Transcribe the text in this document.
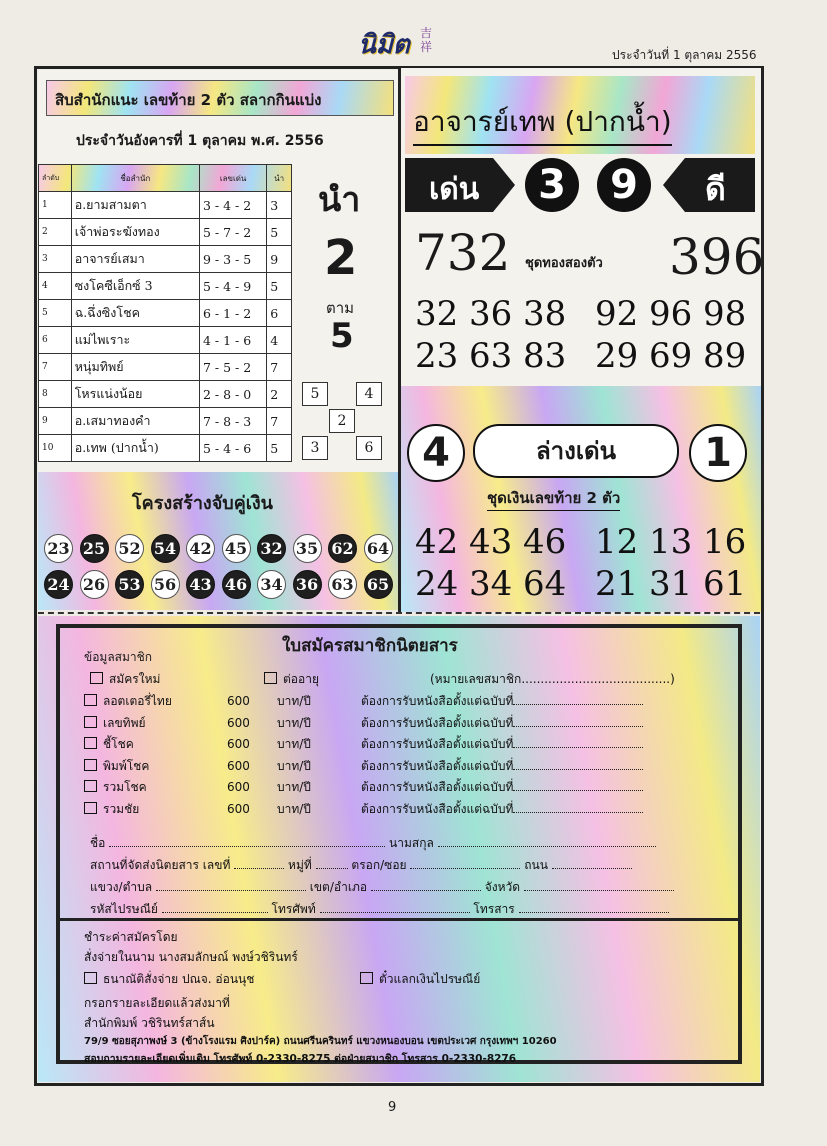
นิมิต 吉祥
ประจำวันที่ 1 ตุลาคม 2556
สิบสำนักแนะ เลขท้าย 2 ตัว สลากกินแบ่ง
ประจำวันอังคารที่ 1 ตุลาคม พ.ศ. 2556
ลำดับ	ชื่อสำนัก	เลขเด่น	นำ
1	อ.ยามสามตา	3 - 4 - 2	3
2	เจ้าพ่อระฆังทอง	5 - 7 - 2	5
3	อาจารย์เสมา	9 - 3 - 5	9
4	ซงโคซีเอ็กซ์ 3	5 - 4 - 9	5
5	ฉ.ฉึ่งซิงโชค	6 - 1 - 2	6
6	แม่ไพเราะ	4 - 1 - 6	4
7	หนุ่มทิพย์	7 - 5 - 2	7
8	โหรแน่งน้อย	2 - 8 - 0	2
9	อ.เสมาทองคำ	7 - 8 - 3	7
10	อ.เทพ (ปากน้ำ)	5 - 4 - 6	5
นำ
2
ตาม
5
5	4
2
3	6
โครงสร้างจับคู่เงิน
23 25 52 54 42 45 32 35 62 64
24 26 53 56 43 46 34 36 63 65
อาจารย์เทพ (ปากน้ำ)
เด่น	3	9	ดี
732 ชุดทองสองตัว 396
32 36 38 92 96 98
23 63 83 29 69 89
4	ล่างเด่น	1
ชุดเงินเลขท้าย 2 ตัว
42 43 46 12 13 16
24 34 64 21 31 61
ใบสมัครสมาชิกนิตยสาร
ข้อมูลสมาชิก
สมัครใหม่	ต่ออายุ	(หมายเลขสมาชิก.......................................)
ลอตเตอรี่ไทย	600 บาท/ปี	ต้องการรับหนังสือตั้งแต่ฉบับที่
เลขทิพย์	600 บาท/ปี	ต้องการรับหนังสือตั้งแต่ฉบับที่
ชี้โชค	600 บาท/ปี	ต้องการรับหนังสือตั้งแต่ฉบับที่
พิมพ์โชค	600 บาท/ปี	ต้องการรับหนังสือตั้งแต่ฉบับที่
รวมโชค	600 บาท/ปี	ต้องการรับหนังสือตั้งแต่ฉบับที่
รวมชัย	600 บาท/ปี	ต้องการรับหนังสือตั้งแต่ฉบับที่
ชื่อ	นามสกุล
สถานที่จัดส่งนิตยสาร เลขที่	หมู่ที่	ตรอก/ซอย	ถนน
แขวง/ตำบล	เขต/อำเภอ	จังหวัด
รหัสไปรษณีย์	โทรศัพท์	โทรสาร
ชำระค่าสมัครโดย
สั่งจ่ายในนาม นางสมลักษณ์ พงษ์วชิรินทร์
ธนาณัติสั่งจ่าย ปณจ. อ่อนนุช	ตั๋วแลกเงินไปรษณีย์
กรอกรายละเอียดแล้วส่งมาที่
สำนักพิมพ์ วชิรินทร์สาส์น
79/9 ซอยสุภาพงษ์ 3 (ข้างโรงแรม ศิงปาร์ค) ถนนศรีนครินทร์ แขวงหนองบอน เขตประเวศ กรุงเทพฯ 10260
สอบถามรายละเอียดเพิ่มเติม โทรศัพท์ 0-2330-8275 ต่อฝ่ายสมาชิก โทรสาร 0-2330-8276
9
